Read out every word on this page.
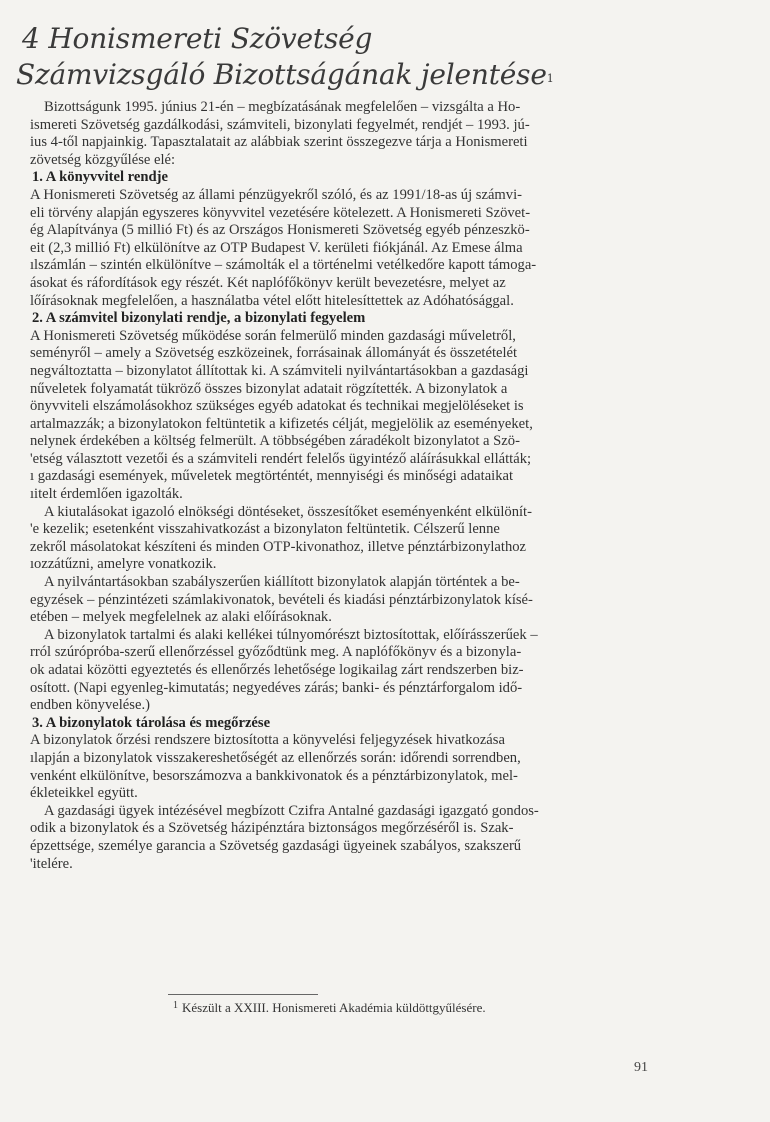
4 Honismereti Szövetség
Számvizsgáló Bizottságának jelentése$^1$
Bizottságunk 1995. június 21-én – megbízatásának megfelelően – vizsgálta a Ho-
ismereti Szövetség gazdálkodási, számviteli, bizonylati fegyelmét, rendjét – 1993. jú-
ius 4-től napjainkig. Tapasztalatait az alábbiak szerint összegezve tárja a Honismereti
zövetség közgyűlése elé:
1. A könyvvitel rendje
A Honismereti Szövetség az állami pénzügyekről szóló, és az 1991/18-as új számvi-
eli törvény alapján egyszeres könyvvitel vezetésére kötelezett. A Honismereti Szövet-
ég Alapítványa (5 millió Ft) és az Országos Honismereti Szövetség egyéb pénzeszkö-
eit (2,3 millió Ft) elkülönítve az OTP Budapest V. kerületi fiókjánál. Az Emese álma
ılszámlán – szintén elkülönítve – számolták el a történelmi vetélkedőre kapott támoga-
ásokat és ráfordítások egy részét. Két naplófőkönyv került bevezetésre, melyet az
lőírásoknak megfelelően, a használatba vétel előtt hitelesíttettek az Adóhatósággal.
2. A számvitel bizonylati rendje, a bizonylati fegyelem
A Honismereti Szövetség működése során felmerülő minden gazdasági műveletről,
seményről – amely a Szövetség eszközeinek, forrásainak állományát és összetételét
negváltoztatta – bizonylatot állítottak ki. A számviteli nyilvántartásokban a gazdasági
nűveletek folyamatát tükröző összes bizonylat adatait rögzítették. A bizonylatok a
önyvviteli elszámolásokhoz szükséges egyéb adatokat és technikai megjelöléseket is
artalmazzák; a bizonylatokon feltüntetik a kifizetés célját, megjelölik az eseményeket,
nelynek érdekében a költség felmerült. A többségében záradékolt bizonylatot a Szö-
'etség választott vezetői és a számviteli rendért felelős ügyintéző aláírásukkal ellátták;
ı gazdasági események, műveletek megtörténtét, mennyiségi és minőségi adataikat
ıitelt érdemlően igazolták.
A kiutalásokat igazoló elnökségi döntéseket, összesítőket eseményenként elkülönít-
'e kezelik; esetenként visszahivatkozást a bizonylaton feltüntetik. Célszerű lenne
zekről másolatokat készíteni és minden OTP-kivonathoz, illetve pénztárbizonylathoz
ıozzátűzni, amelyre vonatkozik.
A nyilvántartásokban szabályszerűen kiállított bizonylatok alapján történtek a be-
egyzések – pénzintézeti számlakivonatok, bevételi és kiadási pénztárbizonylatok kísé-
etében – melyek megfelelnek az alaki előírásoknak.
A bizonylatok tartalmi és alaki kellékei túlnyomórészt biztosítottak, előírásszerűek –
rról szúrópróba-szerű ellenőrzéssel győződtünk meg. A naplófőkönyv és a bizonyla-
ok adatai közötti egyeztetés és ellenőrzés lehetősége logikailag zárt rendszerben biz-
osított. (Napi egyenleg-kimutatás; negyedéves zárás; banki- és pénztárforgalom idő-
endben könyvelése.)
3. A bizonylatok tárolása és megőrzése
A bizonylatok őrzési rendszere biztosította a könyvelési feljegyzések hivatkozása
ılapján a bizonylatok visszakereshetőségét az ellenőrzés során: időrendi sorrendben,
venként elkülönítve, besorszámozva a bankkivonatok és a pénztárbizonylatok, mel-
ékleteikkel együtt.
A gazdasági ügyek intézésével megbízott Czifra Antalné gazdasági igazgató gondos-
odik a bizonylatok és a Szövetség házipénztára biztonságos megőrzéséről is. Szak-
épzettsége, személye garancia a Szövetség gazdasági ügyeinek szabályos, szakszerű
'itelére.
$^1$ Készült a XXIII. Honismereti Akadémia küldöttgyűlésére.
91
